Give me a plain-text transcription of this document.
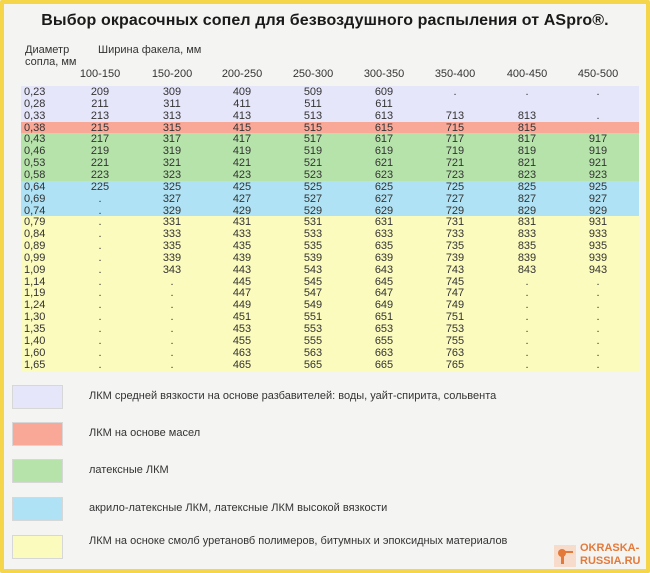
Выбор окрасочных сопел для безвоздушного распыления от ASpro®.
Диаметр сопла, мм
Ширина факела, мм
100-150	150-200	200-250	250-300	300-350	350-400	400-450	450-500
0,23	209	309	409	509	609	.	.	.
0,28	211	311	411	511	611
0,33	213	313	413	513	613	713	813	.
0,38	215	315	415	515	615	715	815
0,43	217	317	417	517	617	717	817	917
0,46	219	319	419	519	619	719	819	919
0,53	221	321	421	521	621	721	821	921
0,58	223	323	423	523	623	723	823	923
0,64	225	325	425	525	625	725	825	925
0,69	.	327	427	527	627	727	827	927
0,74	.	329	429	529	629	729	829	929
0,79	.	331	431	531	631	731	831	931
0,84	.	333	433	533	633	733	833	933
0,89	.	335	435	535	635	735	835	935
0,99	.	339	439	539	639	739	839	939
1,09	.	343	443	543	643	743	843	943
1,14	.	.	445	545	645	745	.	.
1,19	.	.	447	547	647	747	.	.
1,24	.	.	449	549	649	749	.	.
1,30	.	.	451	551	651	751	.	.
1,35	.	.	453	553	653	753	.	.
1,40	.	.	455	555	655	755	.	.
1,60	.	.	463	563	663	763	.	.
1,65	.	.	465	565	665	765	.	.
ЛКМ средней вязкости на основе разбавителей: воды, уайт-спирита, сольвента
ЛКМ на основе масел
латексные ЛКМ
акрило-латексные ЛКМ, латексные ЛКМ высокой вязкости
ЛКМ на осноке смолб уретановб полимеров, битумных и эпоксидных материалов
OKRASKA-
RUSSIA.RU
